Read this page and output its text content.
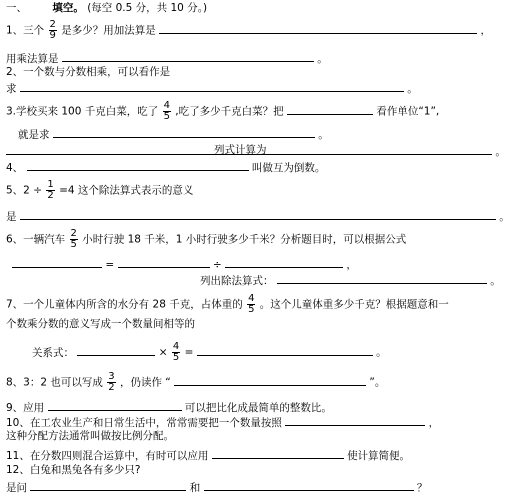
一、 填空。 (每空 0.5 分，共 10 分。)
1、三个 $\frac{2}{9}$ 是多少？用加法算是	，
用乘法算是	。
2、一个数与分数相乘，可以看作是
求	。
3.学校买来 100 千克白菜，吃了 $\frac{4}{5}$ ,吃了多少千克白菜？把	看作单位“1”,
就是求	。
列式计算为	。
4、	叫做互为倒数。
5、$2 \div \frac{1}{2} =4$ 这个除法算式表示的意义
是	。
6、一辆汽车 $\frac{2}{5}$ 小时行驶 18 千米，1 小时行驶多少千米？分析题目时，可以根据公式
=	÷	，
列出除法算式：	。
7、一个儿童体内所含的水分有 28 千克，占体重的 $\frac{4}{5}$ 。这个儿童体重多少千克？根据题意和一
个数乘分数的意义写成一个数量间相等的
关系式：	× $\frac{4}{5}$ =	。
8、3：2 也可以写成 $\frac{3}{2}$ ，仍读作 “	”。
9、应用	可以把比化成最简单的整数比。
10、在工农业生产和日常生活中，常常需要把一个数量按照	，
这种分配方法通常叫做按比例分配。
11、在分数四则混合运算中，有时可以应用	使计算简便。
12、白兔和黑兔各有多少只?
是问	和	？
